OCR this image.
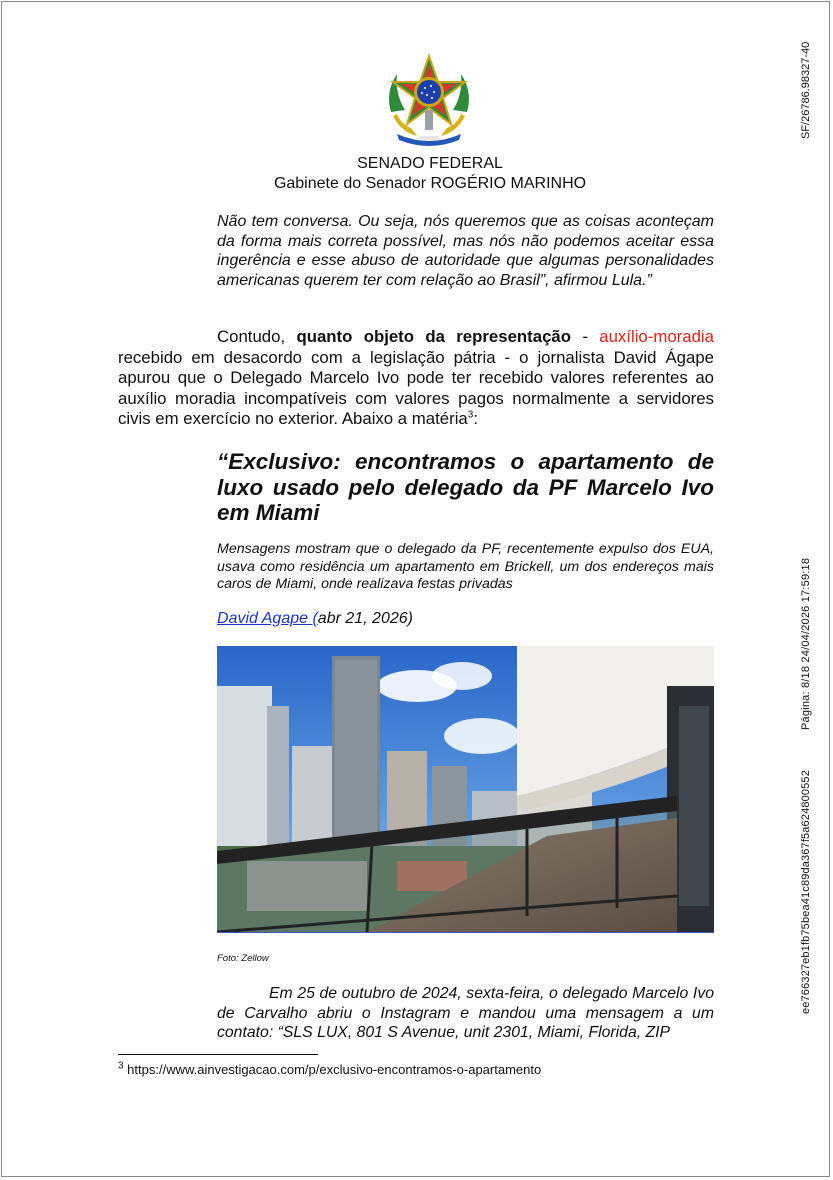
SENADO FEDERAL
Gabinete do Senador ROGÉRIO MARINHO
Não tem conversa. Ou seja, nós queremos que as coisas aconteçam da forma mais correta possível, mas nós não podemos aceitar essa ingerência e esse abuso de autoridade que algumas personalidades americanas querem ter com relação ao Brasil”, afirmou Lula.”
Contudo, quanto objeto da representação - auxílio-moradia recebido em desacordo com a legislação pátria - o jornalista David Ágape apurou que o Delegado Marcelo Ivo pode ter recebido valores referentes ao auxílio moradia incompatíveis com valores pagos normalmente a servidores civis em exercício no exterior. Abaixo a matéria$^3$:
“Exclusivo: encontramos o apartamento de luxo usado pelo delegado da PF Marcelo Ivo em Miami
Mensagens mostram que o delegado da PF, recentemente expulso dos EUA, usava como residência um apartamento em Brickell, um dos endereços mais caros de Miami, onde realizava festas privadas
David Agape (abr 21, 2026)
Foto: Zellow
Em 25 de outubro de 2024, sexta-feira, o delegado Marcelo Ivo de Carvalho abriu o Instagram e mandou uma mensagem a um contato: “SLS LUX, 801 S Avenue, unit 2301, Miami, Florida, ZIP
$^3$ https://www.ainvestigacao.com/p/exclusivo-encontramos-o-apartamento
SF/26786.98327-40
Página: 8/18 24/04/2026 17:59:18
ee766327eb1fb75bea41c89da367f5a624800552
